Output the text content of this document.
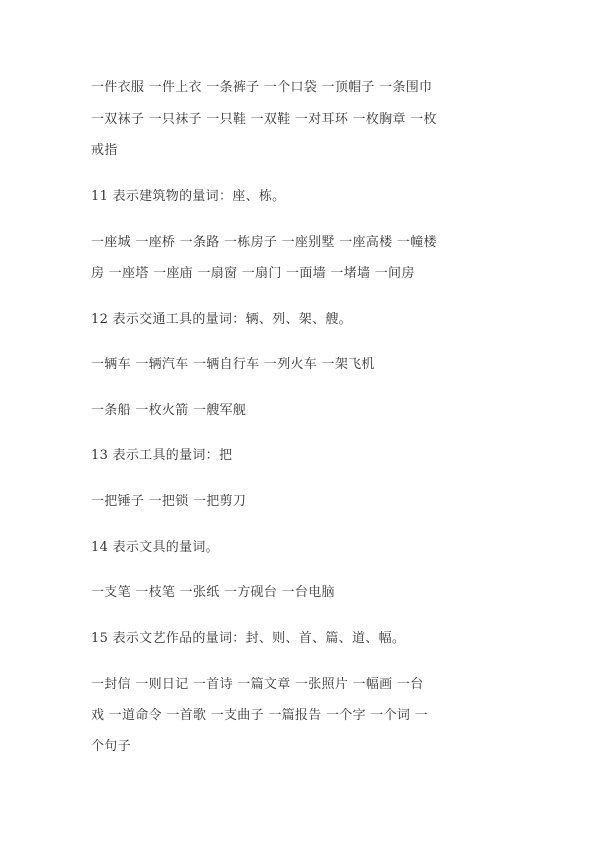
一件衣服 一件上衣 一条裤子 一个口袋 一顶帽子 一条围巾
一双袜子 一只袜子 一只鞋 一双鞋 一对耳环 一枚胸章 一枚
戒指
11 表示建筑物的量词：座、栋。
一座城 一座桥 一条路 一栋房子 一座别墅 一座高楼 一幢楼
房 一座塔 一座庙 一扇窗 一扇门 一面墙 一堵墙 一间房
12 表示交通工具的量词：辆、列、架、艘。
一辆车 一辆汽车 一辆自行车 一列火车 一架飞机
一条船 一枚火箭 一艘军舰
13 表示工具的量词：把
一把锤子 一把锁 一把剪刀
14 表示文具的量词。
一支笔 一枝笔 一张纸 一方砚台 一台电脑
15 表示文艺作品的量词：封、则、首、篇、道、幅。
一封信 一则日记 一首诗 一篇文章 一张照片 一幅画 一台
戏 一道命令 一首歌 一支曲子 一篇报告 一个字 一个词 一
个句子
